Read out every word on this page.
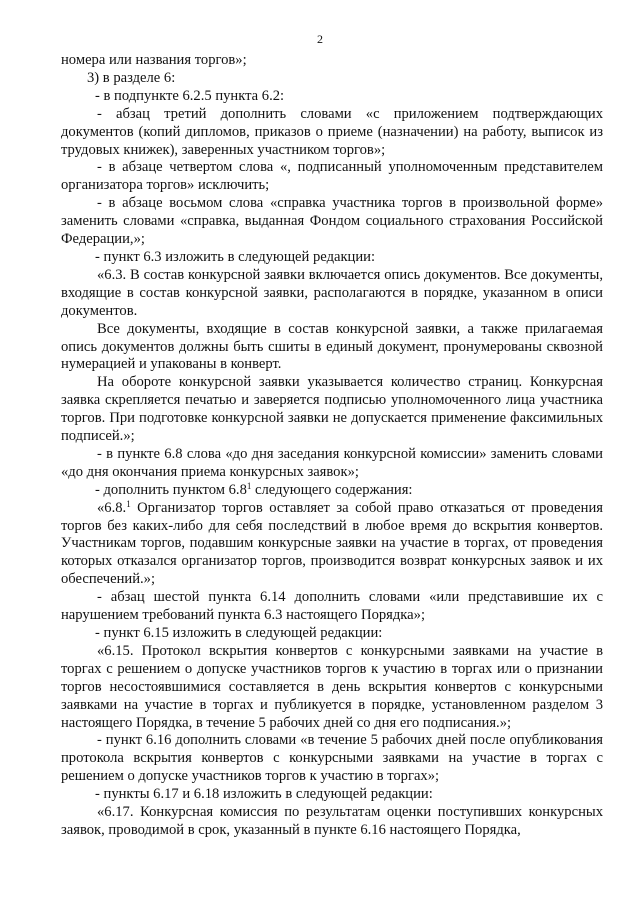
2

номера или названия торгов»;

3) в разделе 6:

- в подпункте 6.2.5 пункта 6.2:

- абзац третий дополнить словами «с приложением подтверждающих документов (копий дипломов, приказов о приеме (назначении) на работу, выписок из трудовых книжек), заверенных участником торгов»;

- в абзаце четвертом слова «, подписанный уполномоченным представителем организатора торгов» исключить;

- в абзаце восьмом слова «справка участника торгов в произвольной форме» заменить словами «справка, выданная Фондом социального страхования Российской Федерации,»;

- пункт 6.3 изложить в следующей редакции:

«6.3. В состав конкурсной заявки включается опись документов. Все документы, входящие в состав конкурсной заявки, располагаются в порядке, указанном в описи документов.

Все документы, входящие в состав конкурсной заявки, а также прилагаемая опись документов должны быть сшиты в единый документ, пронумерованы сквозной нумерацией и упакованы в конверт.

На обороте конкурсной заявки указывается количество страниц. Конкурсная заявка скрепляется печатью и заверяется подписью уполномоченного лица участника торгов. При подготовке конкурсной заявки не допускается применение факсимильных подписей.»;

- в пункте 6.8 слова «до дня заседания конкурсной комиссии» заменить словами «до дня окончания приема конкурсных заявок»;

- дополнить пунктом $6.8^1$ следующего содержания:

«6.8.$^1$ Организатор торгов оставляет за собой право отказаться от проведения торгов без каких-либо для себя последствий в любое время до вскрытия конвертов. Участникам торгов, подавшим конкурсные заявки на участие в торгах, от проведения которых отказался организатор торгов, производится возврат конкурсных заявок и их обеспечений.»;

- абзац шестой пункта 6.14 дополнить словами «или представившие их с нарушением требований пункта 6.3 настоящего Порядка»;

- пункт 6.15 изложить в следующей редакции:

«6.15. Протокол вскрытия конвертов с конкурсными заявками на участие в торгах с решением о допуске участников торгов к участию в торгах или о признании торгов несостоявшимися составляется в день вскрытия конвертов с конкурсными заявками на участие в торгах и публикуется в порядке, установленном разделом 3 настоящего Порядка, в течение 5 рабочих дней со дня его подписания.»;

- пункт 6.16 дополнить словами «в течение 5 рабочих дней после опубликования протокола вскрытия конвертов с конкурсными заявками на участие в торгах с решением о допуске участников торгов к участию в торгах»;

- пункты 6.17 и 6.18 изложить в следующей редакции:

«6.17. Конкурсная комиссия по результатам оценки поступивших конкурсных заявок, проводимой в срок, указанный в пункте 6.16 настоящего Порядка,
